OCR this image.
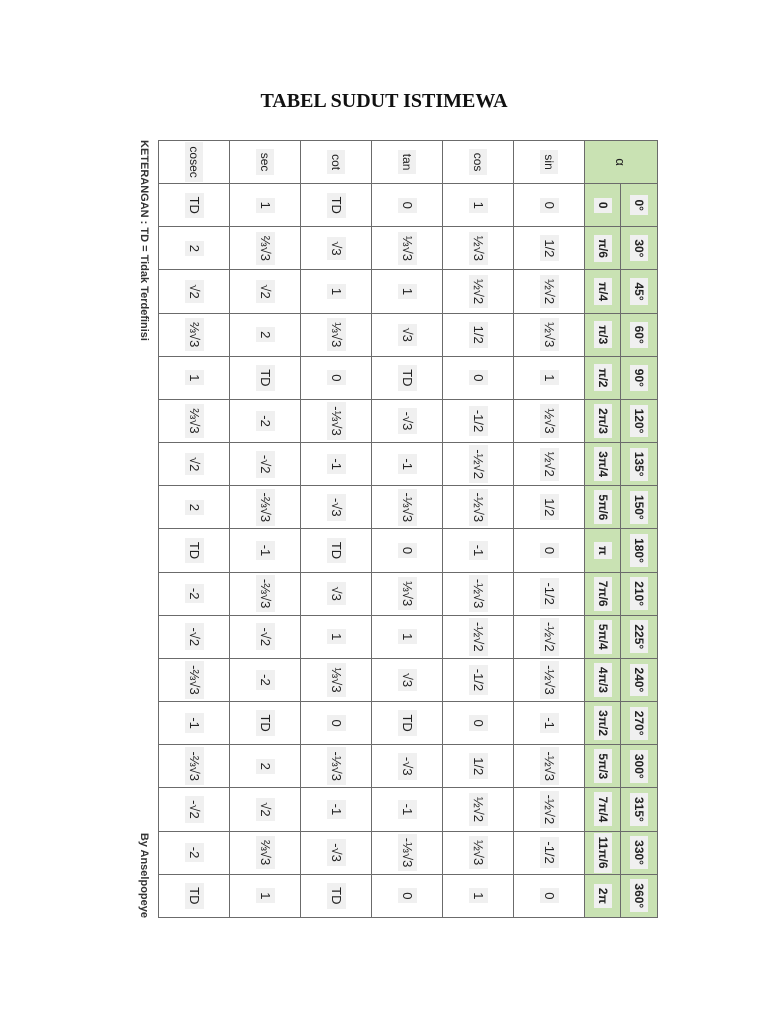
TABEL SUDUT ISTIMEWA
α	0°	30°	45°	60°	90°	120°	135°	150°	180°	210°	225°	240°	270°	300°	315°	330°	360°
	0	π/6	π/4	π/3	π/2	2π/3	3π/4	5π/6	π	7π/6	5π/4	4π/3	3π/2	5π/3	7π/4	11π/6	2π
sin	0	1/2	½√2	½√3	1	½√3	½√2	1/2	0	-1/2	-½√2	-½√3	-1	-½√3	-½√2	-1/2	0
cos	1	½√3	½√2	1/2	0	-1/2	-½√2	-½√3	-1	-½√3	-½√2	-1/2	0	1/2	½√2	½√3	1
tan	0	⅓√3	1	√3	TD	-√3	-1	-⅓√3	0	⅓√3	1	√3	TD	-√3	-1	-⅓√3	0
cot	TD	√3	1	⅓√3	0	-⅓√3	-1	-√3	TD	√3	1	⅓√3	0	-⅓√3	-1	-√3	TD
sec	1	⅔√3	√2	2	TD	-2	-√2	-⅔√3	-1	-⅔√3	-√2	-2	TD	2	√2	⅔√3	1
cosec	TD	2	√2	⅔√3	1	⅔√3	√2	2	TD	-2	-√2	-⅔√3	-1	-⅔√3	-√2	-2	TD
KETERANGAN : TD = Tidak Terdefinisi
By Anselpopeye
